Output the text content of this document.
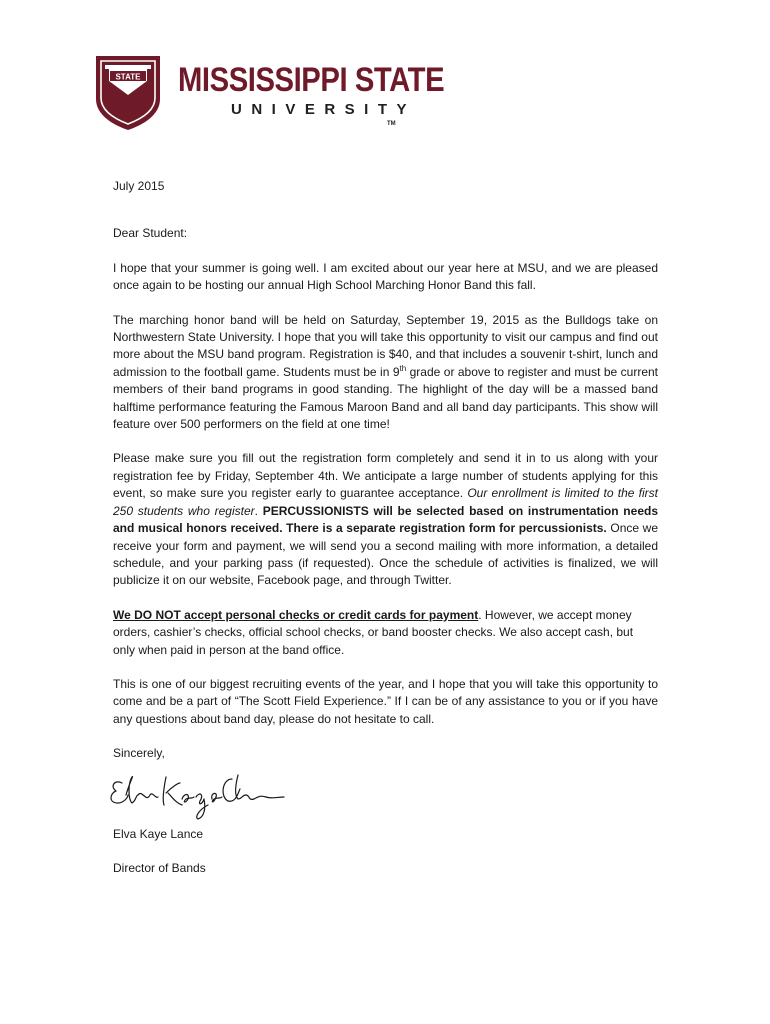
STATE MISSISSIPPI STATE
UNIVERSITY
TM

July 2015

Dear Student:

I hope that your summer is going well. I am excited about our year here at MSU, and we are pleased once again to be hosting our annual High School Marching Honor Band this fall.

The marching honor band will be held on Saturday, September 19, 2015 as the Bulldogs take on Northwestern State University. I hope that you will take this opportunity to visit our campus and find out more about the MSU band program. Registration is $40, and that includes a souvenir t-shirt, lunch and admission to the football game. Students must be in 9th grade or above to register and must be current members of their band programs in good standing. The highlight of the day will be a massed band halftime performance featuring the Famous Maroon Band and all band day participants. This show will feature over 500 performers on the field at one time!

Please make sure you fill out the registration form completely and send it in to us along with your registration fee by Friday, September 4th. We anticipate a large number of students applying for this event, so make sure you register early to guarantee acceptance. Our enrollment is limited to the first 250 students who register. PERCUSSIONISTS will be selected based on instrumentation needs and musical honors received. There is a separate registration form for percussionists. Once we receive your form and payment, we will send you a second mailing with more information, a detailed schedule, and your parking pass (if requested). Once the schedule of activities is finalized, we will publicize it on our website, Facebook page, and through Twitter.

We DO NOT accept personal checks or credit cards for payment. However, we accept money orders, cashier’s checks, official school checks, or band booster checks. We also accept cash, but only when paid in person at the band office.

This is one of our biggest recruiting events of the year, and I hope that you will take this opportunity to come and be a part of “The Scott Field Experience.” If I can be of any assistance to you or if you have any questions about band day, please do not hesitate to call.

Sincerely,

Elva Kaye Lance

Director of Bands
